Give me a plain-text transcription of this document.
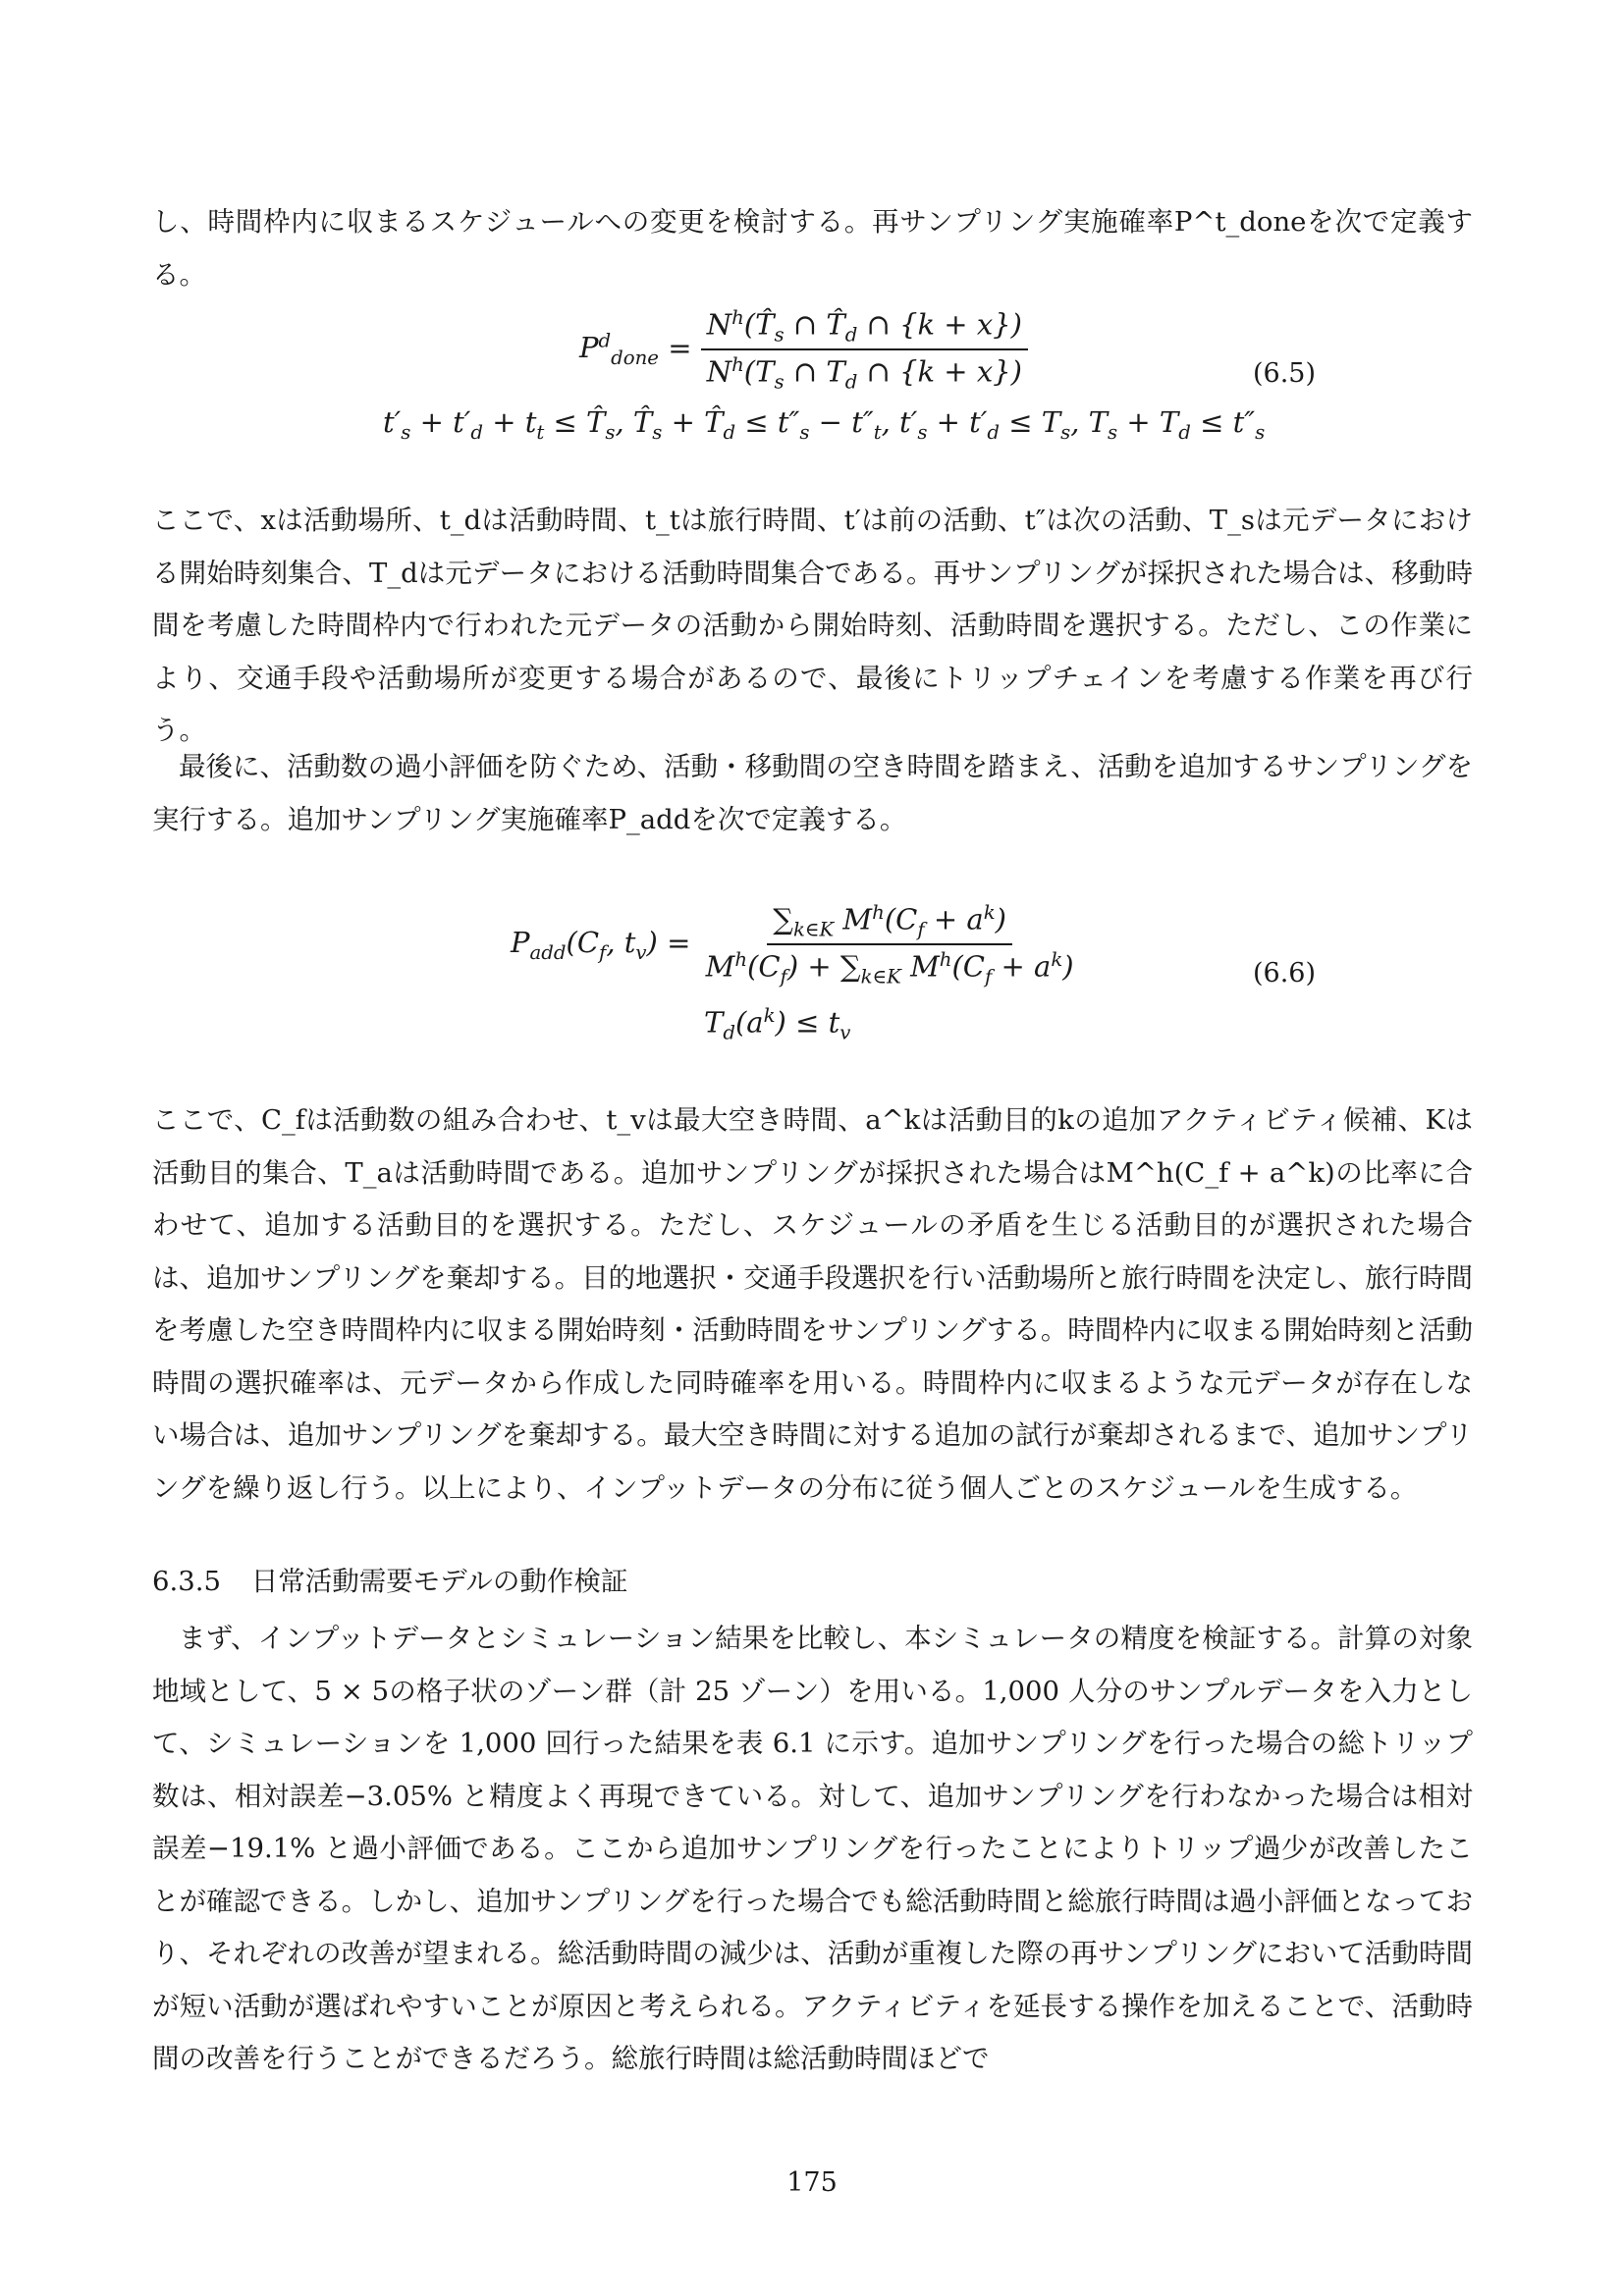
し、時間枠内に収まるスケジュールへの変更を検討する。再サンプリング実施確率P^t_doneを次で定義する。

$P^d_{done} = \frac{N^h(T̂_s \cap T̂_d \cap \{k + x\})}{N^h(T_s \cap T_d \cap \{k + x\})}$	(6.5)
$t'_s + t'_d + t_t$ ≤ $T̂_s$, $T̂_s$ + $T̂_d \le t''_s - t''_t$, $t'_s + t'_d \le T_s$, $T_s + T_d \le t''_s$

ここで、xは活動場所、t_dは活動時間、t_tは旅行時間、t′は前の活動、t″は次の活動、T_sは元データにおける開始時刻集合、T_dは元データにおける活動時間集合である。再サンプリングが採択された場合は、移動時間を考慮した時間枠内で行われた元データの活動から開始時刻、活動時間を選択する。ただし、この作業により、交通手段や活動場所が変更する場合があるので、最後にトリップチェインを考慮する作業を再び行う。

最後に、活動数の過小評価を防ぐため、活動・移動間の空き時間を踏まえ、活動を追加するサンプリングを実行する。追加サンプリング実施確率P_addを次で定義する。

$P_{add}(C_f$, $t_v) = \frac{\sum_{k\in K} M^h(C_f + a^k)}{M^h(C_f) + \sum_{k\in K} M^h(C_f + a^k)}$	(6.6)
$T_d(a^k) \le t_v$

ここで、C_fは活動数の組み合わせ、t_vは最大空き時間、a^kは活動目的kの追加アクティビティ候補、Kは活動目的集合、T_aは活動時間である。追加サンプリングが採択された場合はM^h(C_f + a^k)の比率に合わせて、追加する活動目的を選択する。ただし、スケジュールの矛盾を生じる活動目的が選択された場合は、追加サンプリングを棄却する。目的地選択・交通手段選択を行い活動場所と旅行時間を決定し、旅行時間を考慮した空き時間枠内に収まる開始時刻・活動時間をサンプリングする。時間枠内に収まる開始時刻と活動時間の選択確率は、元データから作成した同時確率を用いる。時間枠内に収まるような元データが存在しない場合は、追加サンプリングを棄却する。最大空き時間に対する追加の試行が棄却されるまで、追加サンプリングを繰り返し行う。以上により、インプットデータの分布に従う個人ごとのスケジュールを生成する。

6.3.5 日常活動需要モデルの動作検証

まず、インプットデータとシミュレーション結果を比較し、本シミュレータの精度を検証する。計算の対象地域として、5 × 5の格子状のゾーン群（計 25 ゾーン）を用いる。1,000 人分のサンプルデータを入力として、シミュレーションを 1,000 回行った結果を表 6.1 に示す。追加サンプリングを行った場合の総トリップ数は、相対誤差−3.05% と精度よく再現できている。対して、追加サンプリングを行わなかった場合は相対誤差−19.1% と過小評価である。ここから追加サンプリングを行ったことによりトリップ過少が改善したことが確認できる。しかし、追加サンプリングを行った場合でも総活動時間と総旅行時間は過小評価となっており、それぞれの改善が望まれる。総活動時間の減少は、活動が重複した際の再サンプリングにおいて活動時間が短い活動が選ばれやすいことが原因と考えられる。アクティビティを延長する操作を加えることで、活動時間の改善を行うことができるだろう。総旅行時間は総活動時間ほどで

175
